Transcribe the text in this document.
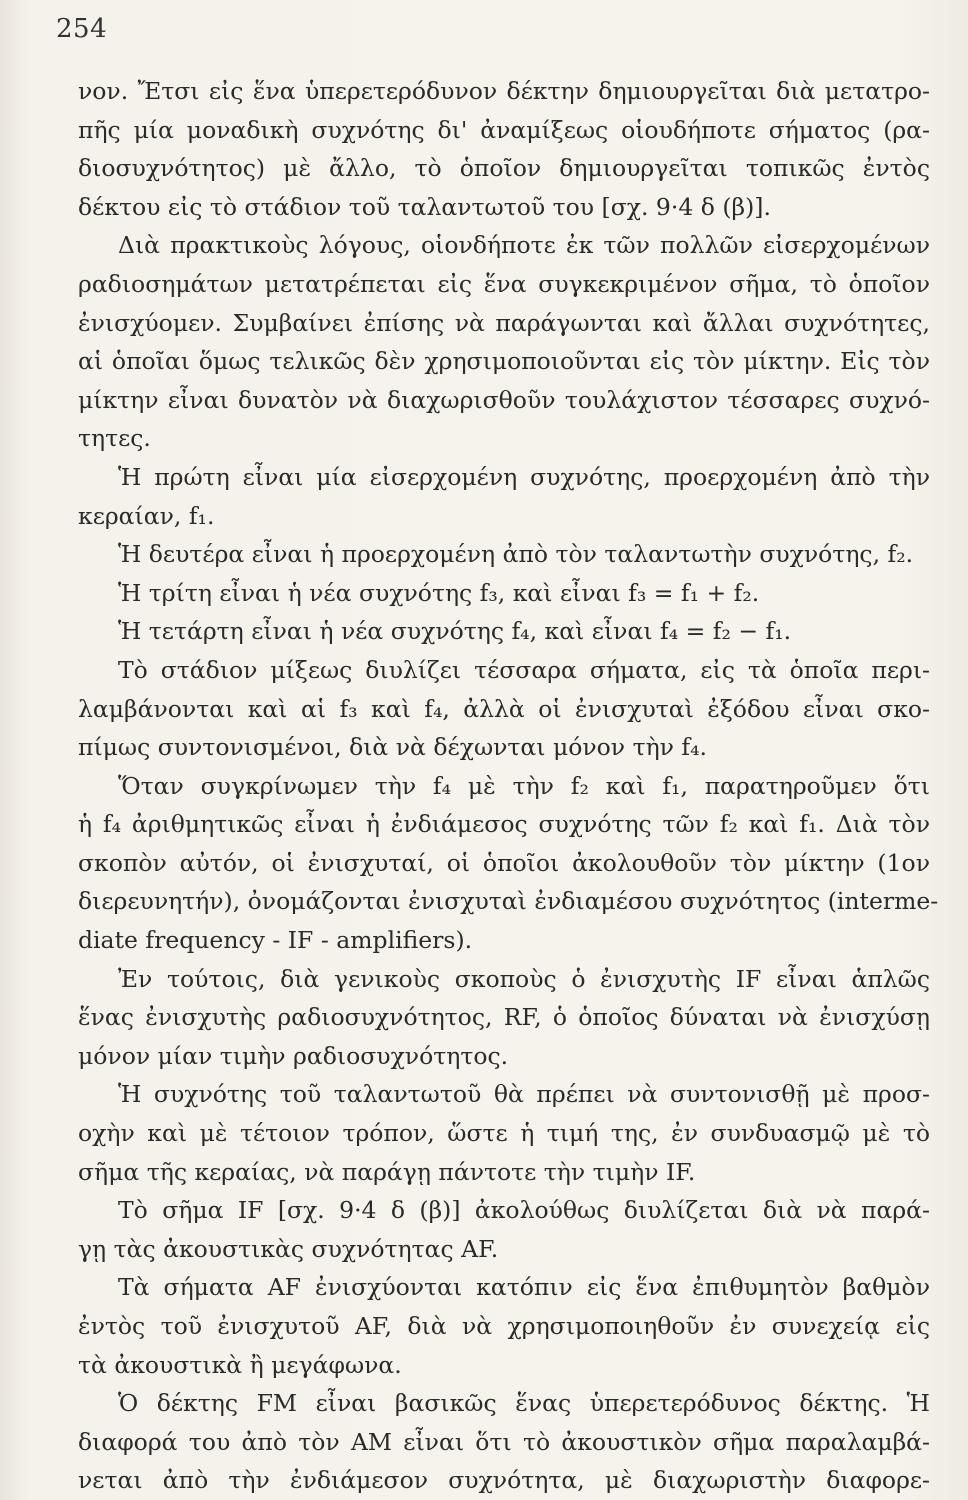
254
νον. Ἔτσι εἰς ἕνα ὑπερετερόδυνον δέκτην δημιουργεῖται διὰ μετατρο-
πῆς μία μοναδικὴ συχνότης δι' ἀναμίξεως οἱουδήποτε σήματος (ρα-
διοσυχνότητος) μὲ ἄλλο, τὸ ὁποῖον δημιουργεῖται τοπικῶς ἐντὸς
δέκτου εἰς τὸ στάδιον τοῦ ταλαντωτοῦ του [σχ. 9·4 δ (β)].
Διὰ πρακτικοὺς λόγους, οἱονδήποτε ἐκ τῶν πολλῶν εἰσερχομένων
ραδιοσημάτων μετατρέπεται εἰς ἕνα συγκεκριμένον σῆμα, τὸ ὁποῖον
ἐνισχύομεν. Συμβαίνει ἐπίσης νὰ παράγωνται καὶ ἄλλαι συχνότητες,
αἱ ὁποῖαι ὅμως τελικῶς δὲν χρησιμοποιοῦνται εἰς τὸν μίκτην. Εἰς τὸν
μίκτην εἶναι δυνατὸν νὰ διαχωρισθοῦν τουλάχιστον τέσσαρες συχνό-
τητες.
Ἡ πρώτη εἶναι μία εἰσερχομένη συχνότης, προερχομένη ἀπὸ τὴν
κεραίαν, f₁.
Ἡ δευτέρα εἶναι ἡ προερχομένη ἀπὸ τὸν ταλαντωτὴν συχνότης, f₂.
Ἡ τρίτη εἶναι ἡ νέα συχνότης f₃, καὶ εἶναι f₃ = f₁ + f₂.
Ἡ τετάρτη εἶναι ἡ νέα συχνότης f₄, καὶ εἶναι f₄ = f₂ − f₁.
Τὸ στάδιον μίξεως διυλίζει τέσσαρα σήματα, εἰς τὰ ὁποῖα περι-
λαμβάνονται καὶ αἱ f₃ καὶ f₄, ἀλλὰ οἱ ἐνισχυταὶ ἐξόδου εἶναι σκο-
πίμως συντονισμένοι, διὰ νὰ δέχωνται μόνον τὴν f₄.
Ὅταν συγκρίνωμεν τὴν f₄ μὲ τὴν f₂ καὶ f₁, παρατηροῦμεν ὅτι
ἡ f₄ ἀριθμητικῶς εἶναι ἡ ἐνδιάμεσος συχνότης τῶν f₂ καὶ f₁. Διὰ τὸν
σκοπὸν αὐτόν, οἱ ἐνισχυταί, οἱ ὁποῖοι ἀκολουθοῦν τὸν μίκτην (1ον
διερευνητήν), ὀνομάζονται ἐνισχυταὶ ἐνδιαμέσου συχνότητος (interme-
diate frequency - IF - amplifiers).
Ἐν τούτοις, διὰ γενικοὺς σκοποὺς ὁ ἐνισχυτὴς IF εἶναι ἁπλῶς
ἕνας ἐνισχυτὴς ραδιοσυχνότητος, RF, ὁ ὁποῖος δύναται νὰ ἐνισχύσῃ
μόνον μίαν τιμὴν ραδιοσυχνότητος.
Ἡ συχνότης τοῦ ταλαντωτοῦ θὰ πρέπει νὰ συντονισθῇ μὲ προσ-
οχὴν καὶ μὲ τέτοιον τρόπον, ὥστε ἡ τιμή της, ἐν συνδυασμῷ μὲ τὸ
σῆμα τῆς κεραίας, νὰ παράγῃ πάντοτε τὴν τιμὴν IF.
Τὸ σῆμα IF [σχ. 9·4 δ (β)] ἀκολούθως διυλίζεται διὰ νὰ παρά-
γῃ τὰς ἀκουστικὰς συχνότητας AF.
Τὰ σήματα AF ἐνισχύονται κατόπιν εἰς ἕνα ἐπιθυμητὸν βαθμὸν
ἐντὸς τοῦ ἐνισχυτοῦ AF, διὰ νὰ χρησιμοποιηθοῦν ἐν συνεχείᾳ εἰς
τὰ ἀκουστικὰ ἢ μεγάφωνα.
Ὁ δέκτης FM εἶναι βασικῶς ἕνας ὑπερετερόδυνος δέκτης. Ἡ
διαφορά του ἀπὸ τὸν AM εἶναι ὅτι τὸ ἀκουστικὸν σῆμα παραλαμβά-
νεται ἀπὸ τὴν ἐνδιάμεσον συχνότητα, μὲ διαχωριστὴν διαφορε-
